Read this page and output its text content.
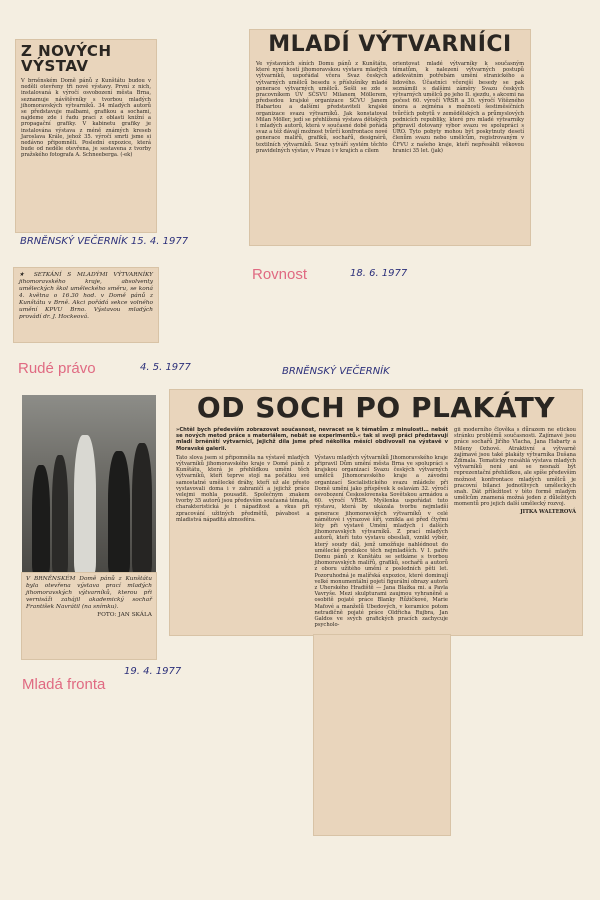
Z NOVÝCH VÝSTAV

V brněnském Domě pánů z Kunštátu budou v neděli otevřeny tři nové výstavy. První z nich, instalovaná k výročí osvobození města Brna, seznamuje návštěvníky s tvorbou mladých jihomoravských výtvarníků. 34 mladých autorů se představuje malbami, grafikou a sochami, najdeme zde i řadu prací z oblasti knižní a propagační grafiky. V kabinetu grafiky je instalována výstava z méně známých kreseb Jaroslava Krále, jehož 35. výročí smrti jsme si nedávno připomněli. Poslední expozice, která bude od neděle otevřena, je sestavena z tvorby pražského fotografa A. Schneeberga. (-ek)

BRNĚNSKÝ VEČERNÍK 15. 4. 1977

★ SETKÁNÍ S MLADÝMI VÝTVARNÍKY jihomoravského kraje, absolventy uměleckých škol uměleckého směru, se koná 4. května o 16.30 hod. v Domě pánů z Kunštátu v Brně. Akci pořádá sekce volného umění KPVU Brno. Výstavou mladých provádí dr. J. Hockeová.

Rudé právo	4. 5. 1977
MLADÍ VÝTVARNÍCI
Ve výstavních síních Domu pánů z Kunštátu, které nyní hostí jihomoravskou výstavu mladých výtvarníků, uspořádal včera Svaz českých výtvarných umělců besedu s příslušníky mladé generace výtvarných umělců. Sešli se zde s pracovníkem ÚV SČSVU Milanem Möllerem, předsedou krajské organizace SČVU Janem Habartou a dalšími představiteli krajské organizace svazu výtvarníků. Jak konstatoval Milan Möller, jedí se přehlížená výstava dětských i mladých autorů, která v současné době pořádá svaz a též dávají možnost tvůrčí konfrontace nové generace malířů, grafiků, sochařů, designérů, textilních výtvarníků. Svaz vytváří systém těchto pravidelných výstav, v Praze i v krajích a cílem
orientovat mladé výtvarníky k současným tématům, k nalezení výtvarných postupů adekvátním potřebám umění stranického a lidového. Účastníci včerejší besedy se pak seznámili s dalšími záměry Svazu českých výtvarných umělců po jeho II. sjezdu, s akcemi na počest 60. výročí VŘSR a 30. výročí Vítězného února a zejména s možností šestiměsíčních tvůrčích pobytů v zemědělských a průmyslových podnicích republiky, které pro mladé výtvarníky připravil dotovaný výbor svazu ve spolupráci s ÚRO. Tyto pobyty mohou být poskytnuty desetí členům svazu nebo umělcům, registrovaným v ČFVU z našeho kraje, kteří nepřesáhli věkovou hranici 35 let. (jak)
Rovnost	18. 6. 1977
BRNĚNSKÝ VEČERNÍK
OD SOCH PO PLAKÁTY

»Chtěl bych především zobrazovat současnost, nevracet se k tématům z minulosti… nebát se nových metod práce s materiálem, nebát se experimentů.« tak si svoji práci představují mladí brněnští výtvarníci, jejichž díla jsme před několika měsíci obdivovali na výstavě v Moravské galerii.

Tato slova jsem si připomněla na výstavě mladých výtvarníků jihomoravského kraje v Domě pánů z Kunštátu, která je přehlídkou umění těch výtvarníků, kteří teprve stojí na počátku své samostatné umělecké dráhy, kteří už ale přesto vystavovali doma i v zahraničí a jejichž práce velejmi mohla pousadit. Společným znakem tvorby 35 autorů jsou především současná témata, charakteristická je i nápaditost a vkus při zpracování užitných předmětů, pávabost a mladistvá nápaditá atmosféra.
Výstavu mladých výtvarníků Jihomoravského kraje připravil Dům umění města Brna ve spolupráci s krajskou organizací Svazu českých výtvarných umělců Jihomoravského kraje a závodní organizací Socialistického svazu mládeže při Domě umění jako příspěvek k oslavám 32. výročí osvobození Československa Sovětskou armádou a 60. výročí VŘSR. Myšlenka uspořádat tuto výstavu, která by ukázala tvorbu nejmladší generace jihomoravských výtvarníků v celé námětové i výrazové šíři, vznikla asi před čtyřmi léty při výstavě Umění mladých i dalších jihomoravských výtvarníků. Z prací mladých autorů, kteří tuto výstavu obesílali, vznikl výběr, který soudy dál, jenž umožňuje nahlédnout do umělecké produkce těch nejmladších. V I. patře Domu pánů z Kunštátu se setkáme s tvorbou jihomoravských malířů, grafiků, sochařů a autorů z oboru užitého umění z posledních pěti let. Pozoruhodná je malířská expozice, které dominují velké monumentální pojetí figurální obrazy autorů z Uherského Hradiště — Jana Blažka mi. a Pavla Vavryše. Mezi skulpturami zaujmou vyhraněně a osobitě pojaté práce Blanky Růžičkové, Marie Mafové a manželů Ubedových, v keramice potom netradičně pojaté práce Oldřicha Rujbra, Jan Galdos ve svých grafických pracích zachycuje psycholo-

gii moderního člověka s důrazem ne etickou stránku problémů současnosti. Zajímavé jsou práce sochařů Jiřího Vlacha, Jana Habarty a Mileny Ozhové. Atraktivní a výtvarně zajímavé jsou také plakáty výtvarníka Dušana Ždímala. Tematicky rozsáhlá výstava mladých výtvarníků není ani se nesnaží být reprezentační přehlídkou, ale spíše především možnost konfrontace mladých umělců je pracovní bilanci jednotlivých uměleckých snah. Dát příležitost v této formě mladým umělcům znamená možná jeden z důležitých momentů pro jejich další umělecký rozvoj.

JITKA WALTEROVÁ

V BRNĚNSKÉM Domě pánů z Kunštátu byla otevřena výstava prací mladých jihomoravských výtvarníků, kterou při vernisáži zahájil akademický sochař František Navrátil (na snímku).

FOTO: JAN SKÁLA

Mladá fronta
19. 4. 1977
